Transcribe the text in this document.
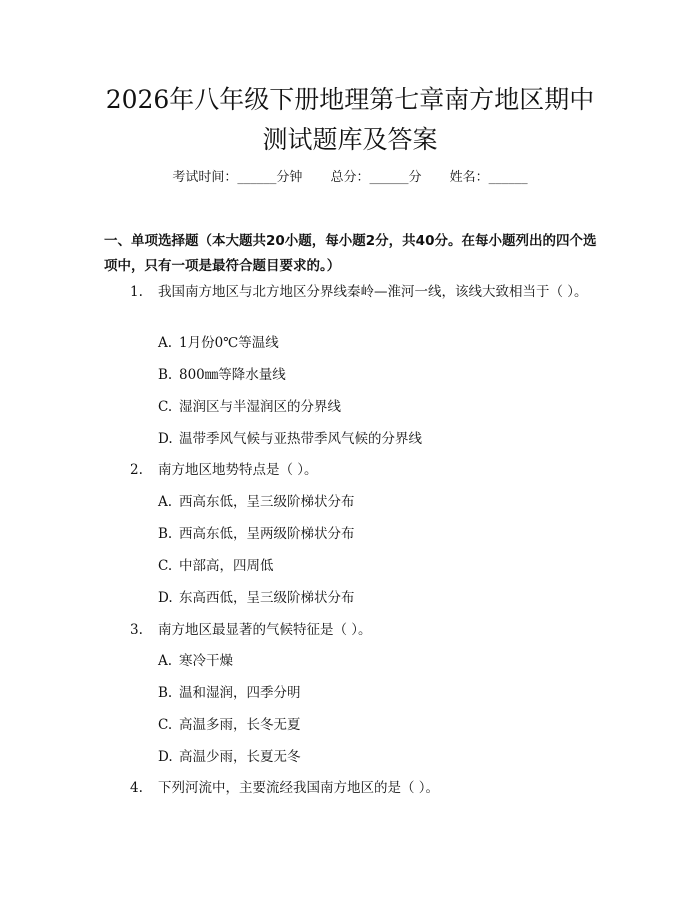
2026年八年级下册地理第七章南方地区期中
测试题库及答案
考试时间：______分钟 总分：______分 姓名：______
一、单项选择题（本大题共20小题，每小题2分，共40分。在每小题列出的四个选项中，只有一项是最符合题目要求的。）
1. 我国南方地区与北方地区分界线秦岭—淮河一线，该线大致相当于（ ）。
A. 1月份0℃等温线
B. 800㎜等降水量线
C. 湿润区与半湿润区的分界线
D. 温带季风气候与亚热带季风气候的分界线
2. 南方地区地势特点是（ ）。
A. 西高东低，呈三级阶梯状分布
B. 西高东低，呈两级阶梯状分布
C. 中部高，四周低
D. 东高西低，呈三级阶梯状分布
3. 南方地区最显著的气候特征是（ ）。
A. 寒冷干燥
B. 温和湿润，四季分明
C. 高温多雨，长冬无夏
D. 高温少雨，长夏无冬
4. 下列河流中，主要流经我国南方地区的是（ ）。
